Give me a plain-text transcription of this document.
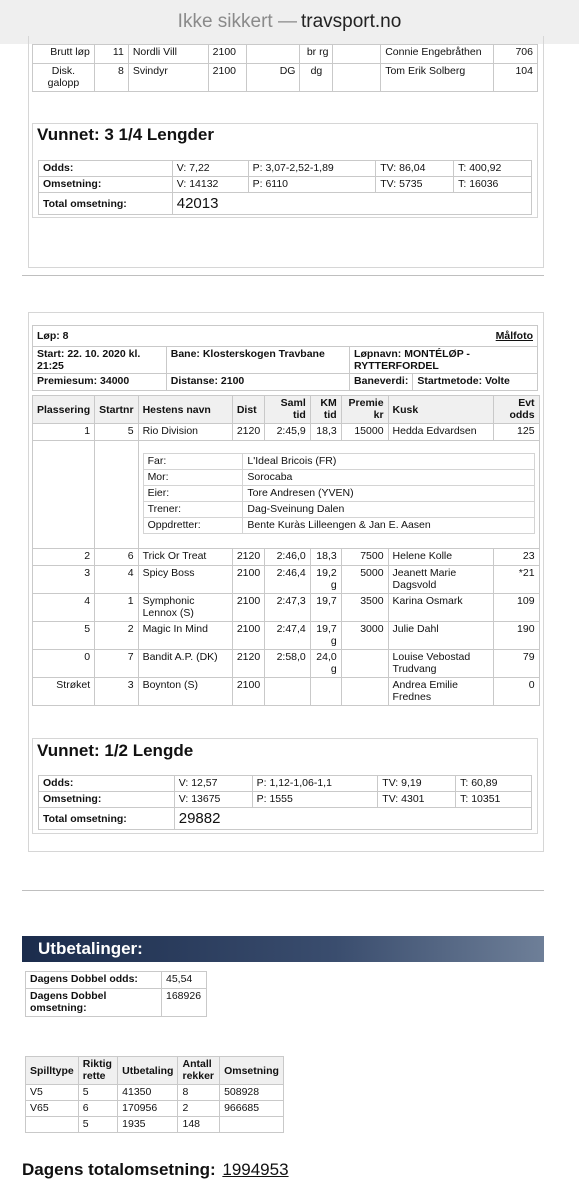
Ikke sikkert — travsport.no
Brutt løp	11	Nordli Vill	2100		br rg		Connie Engebråthen	706
Disk. galopp	8	Svindyr	2100	DG	dg		Tom Erik Solberg	104
Vunnet: 3 1/4 Lengder
Odds:	V: 7,22	P: 3,07-2,52-1,89	TV: 86,04	T: 400,92
Omsetning:	V: 14132	P: 6110	TV: 5735	T: 16036
Total omsetning:	42013			
Løp: 8			Målfoto
Start: 22. 10. 2020 kl. 21:25	Bane: Klosterskogen Travbane	Løpnavn: MONTÉLØP - RYTTERFORDEL	
Premiesum: 34000	Distanse: 2100	Baneverdi:	Startmetode: Volte
Plassering	Startnr	Hestens navn	Dist	Saml tid	KM tid	Premie kr	Kusk	Evt odds
1	5	Rio Division	2120	2:45,9	18,3	15000	Hedda Edvardsen	125

Far:	L'Ideal Bricois (FR)
Mor:	Sorocaba
Eier:	Tore Andresen (YVEN)
Trener:	Dag-Sveinung Dalen
Oppdretter:	Bente Kuràs Lilleengen & Jan E. Aasen

2	6	Trick Or Treat	2120	2:46,0	18,3	7500	Helene Kolle	23
3	4	Spicy Boss	2100	2:46,4	19,2 g	5000	Jeanett Marie Dagsvold	*21
4	1	Symphonic Lennox (S)	2100	2:47,3	19,7	3500	Karina Osmark	109
5	2	Magic In Mind	2100	2:47,4	19,7 g	3000	Julie Dahl	190
0	7	Bandit A.P. (DK)	2120	2:58,0	24,0 g		Louise Vebostad Trudvang	79
Strøket	3	Boynton (S)	2100				Andrea Emilie Frednes	0
Vunnet: 1/2 Lengde
Odds:	V: 12,57	P: 1,12-1,06-1,1	TV: 9,19	T: 60,89
Omsetning:	V: 13675	P: 1555	TV: 4301	T: 10351
Total omsetning:	29882			
Utbetalinger:
Dagens Dobbel odds:	45,54
Dagens Dobbel omsetning:	168926
Spilltype	Riktig rette	Utbetaling	Antall rekker	Omsetning
V5	5	41350	8	508928
V65	6	170956	2	966685
	5	1935	148	
Dagens totalomsetning: 1994953
